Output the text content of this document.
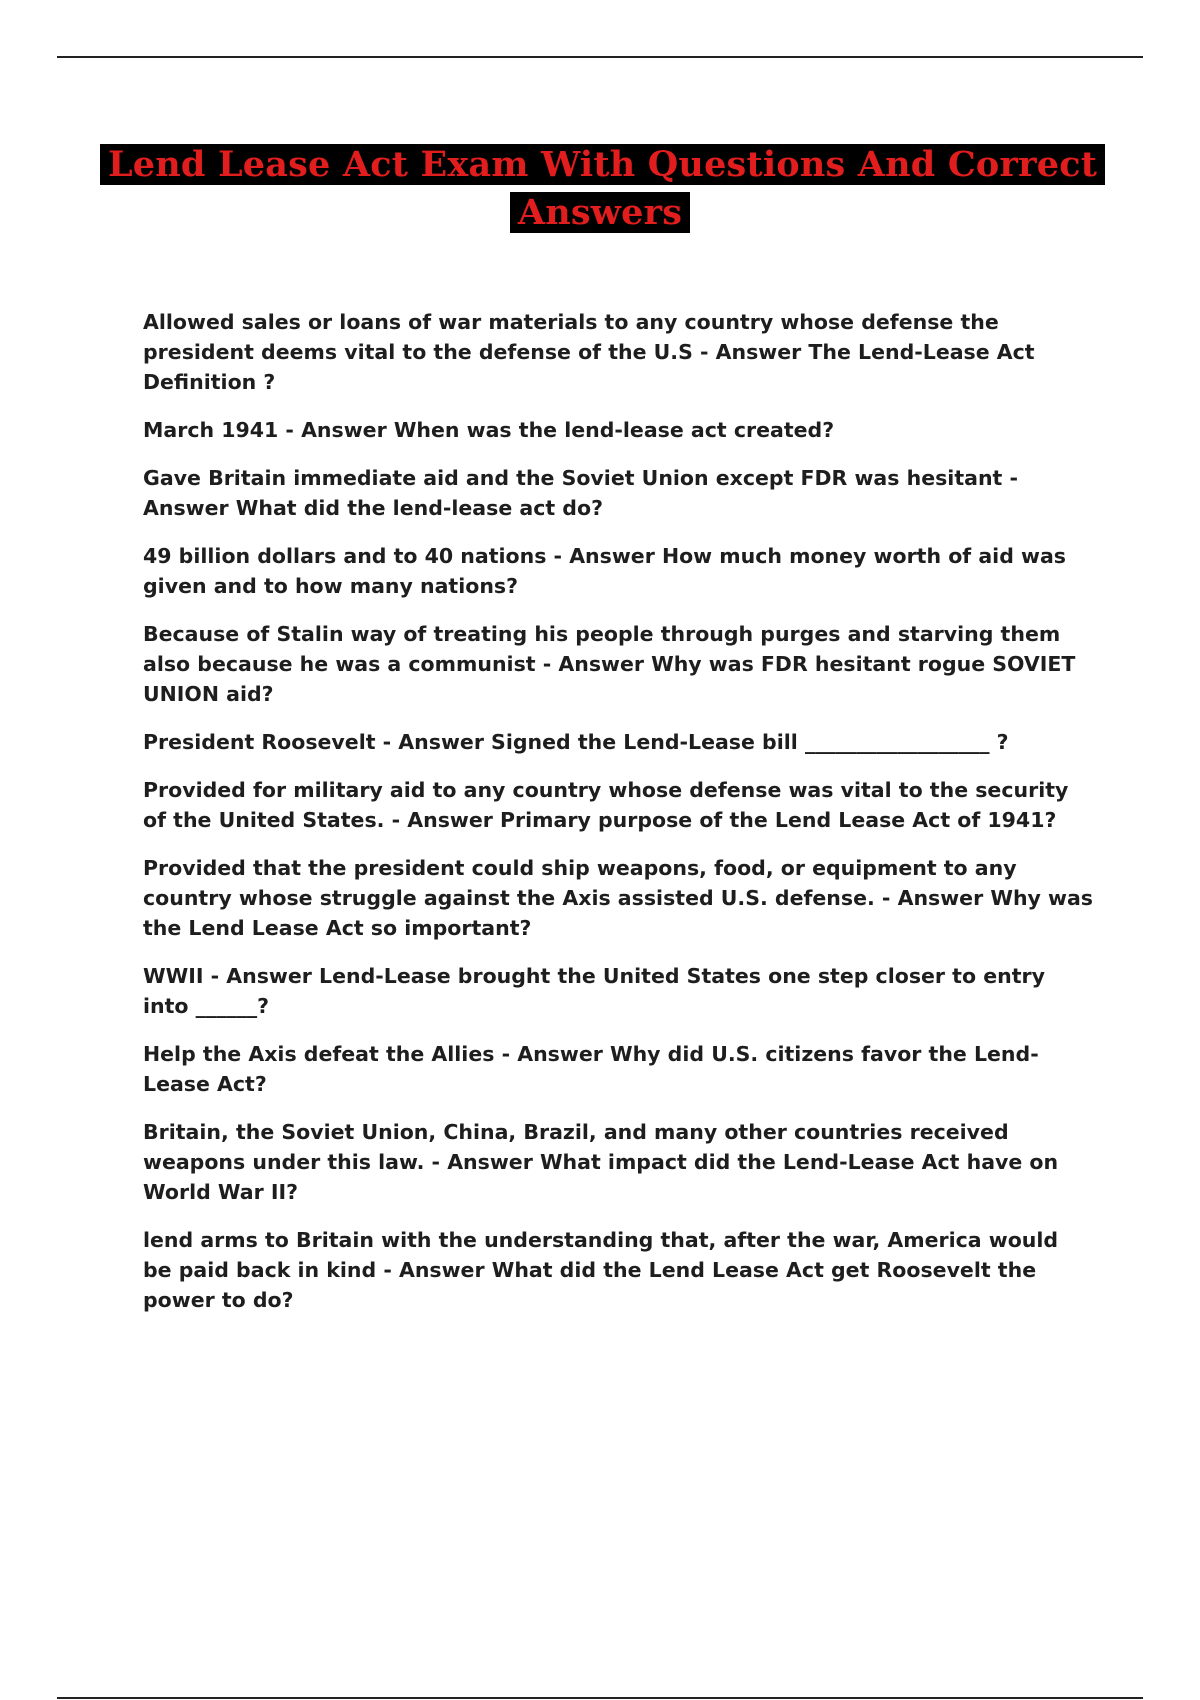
Lend Lease Act Exam With Questions And Correct Answers
Allowed sales or loans of war materials to any country whose defense the president deems vital to the defense of the U.S - Answer The Lend-Lease Act Definition ?
March 1941 - Answer When was the lend-lease act created?
Gave Britain immediate aid and the Soviet Union except FDR was hesitant - Answer What did the lend-lease act do?
49 billion dollars and to 40 nations - Answer How much money worth of aid was given and to how many nations?
Because of Stalin way of treating his people through purges and starving them also because he was a communist - Answer Why was FDR hesitant rogue SOVIET UNION aid?
President Roosevelt - Answer Signed the Lend-Lease bill __________________ ?
Provided for military aid to any country whose defense was vital to the security of the United States. - Answer Primary purpose of the Lend Lease Act of 1941?
Provided that the president could ship weapons, food, or equipment to any country whose struggle against the Axis assisted U.S. defense. - Answer Why was the Lend Lease Act so important?
WWII - Answer Lend-Lease brought the United States one step closer to entry into ______?
Help the Axis defeat the Allies - Answer Why did U.S. citizens favor the Lend-Lease Act?
Britain, the Soviet Union, China, Brazil, and many other countries received weapons under this law. - Answer What impact did the Lend-Lease Act have on World War II?
lend arms to Britain with the understanding that, after the war, America would be paid back in kind - Answer What did the Lend Lease Act get Roosevelt the power to do?
